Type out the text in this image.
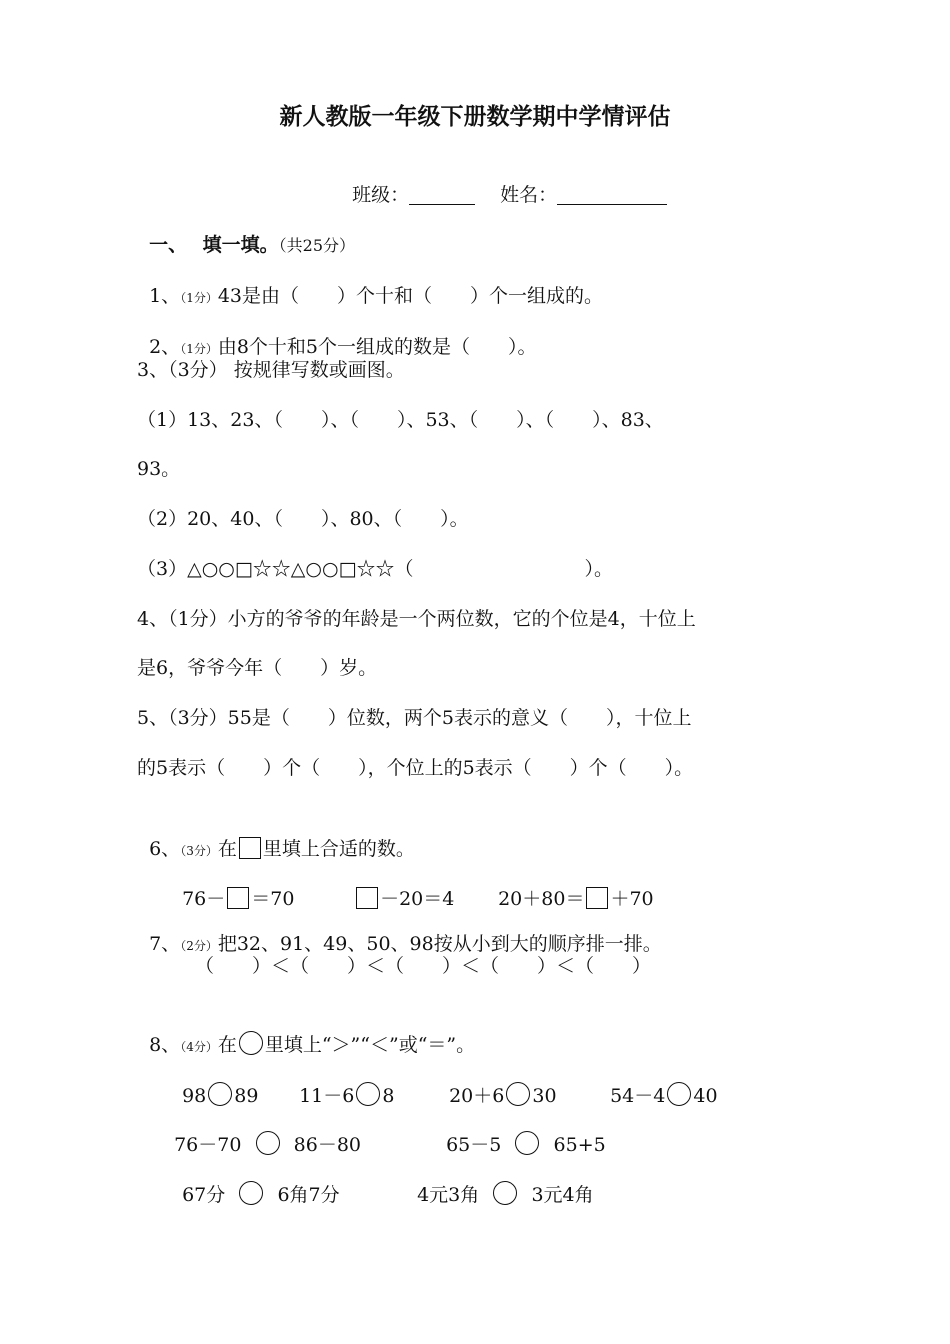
新人教版一年级下册数学期中学情评估

班级：　	姓名：

一、　 填一填。（共25分）

1、（1分）43是由（　　）个十和（　　）个一组成的。

2、（1分）由8个十和5个一组成的数是（　　）。

3、（3分） 按规律写数或画图。
（1）13、23、（　　）、（　　）、53、（　　）、（　　）、83、
93。
（2）20、40、（　　）、80、（　　）。
（3）△○○□☆☆△○○□☆☆（　　　　　　　　　）。
4、（1分）小方的爷爷的年龄是一个两位数，它的个位是4，十位上
是6，爷爷今年（　　）岁。
5、（3分）55是（　　）位数，两个5表示的意义（　　），十位上
的5表示（　　）个（　　），个位上的5表示（　　）个（　　）。

6、（3分）在 里填上合适的数。

76－ ＝70	－20＝4	20＋80＝ ＋70

7、（2分）把32、91、49、50、98按从小到大的顺序排一排。

（　　）＜（　　）＜（　　）＜（　　）＜（　　）

8、（4分）在 里填上“＞”“＜”或“＝”。

98 89	11－6 8	20＋6 30	54－4 40

76－70	86－80	65－5	65+5

67分	6角7分	4元3角	3元4角
